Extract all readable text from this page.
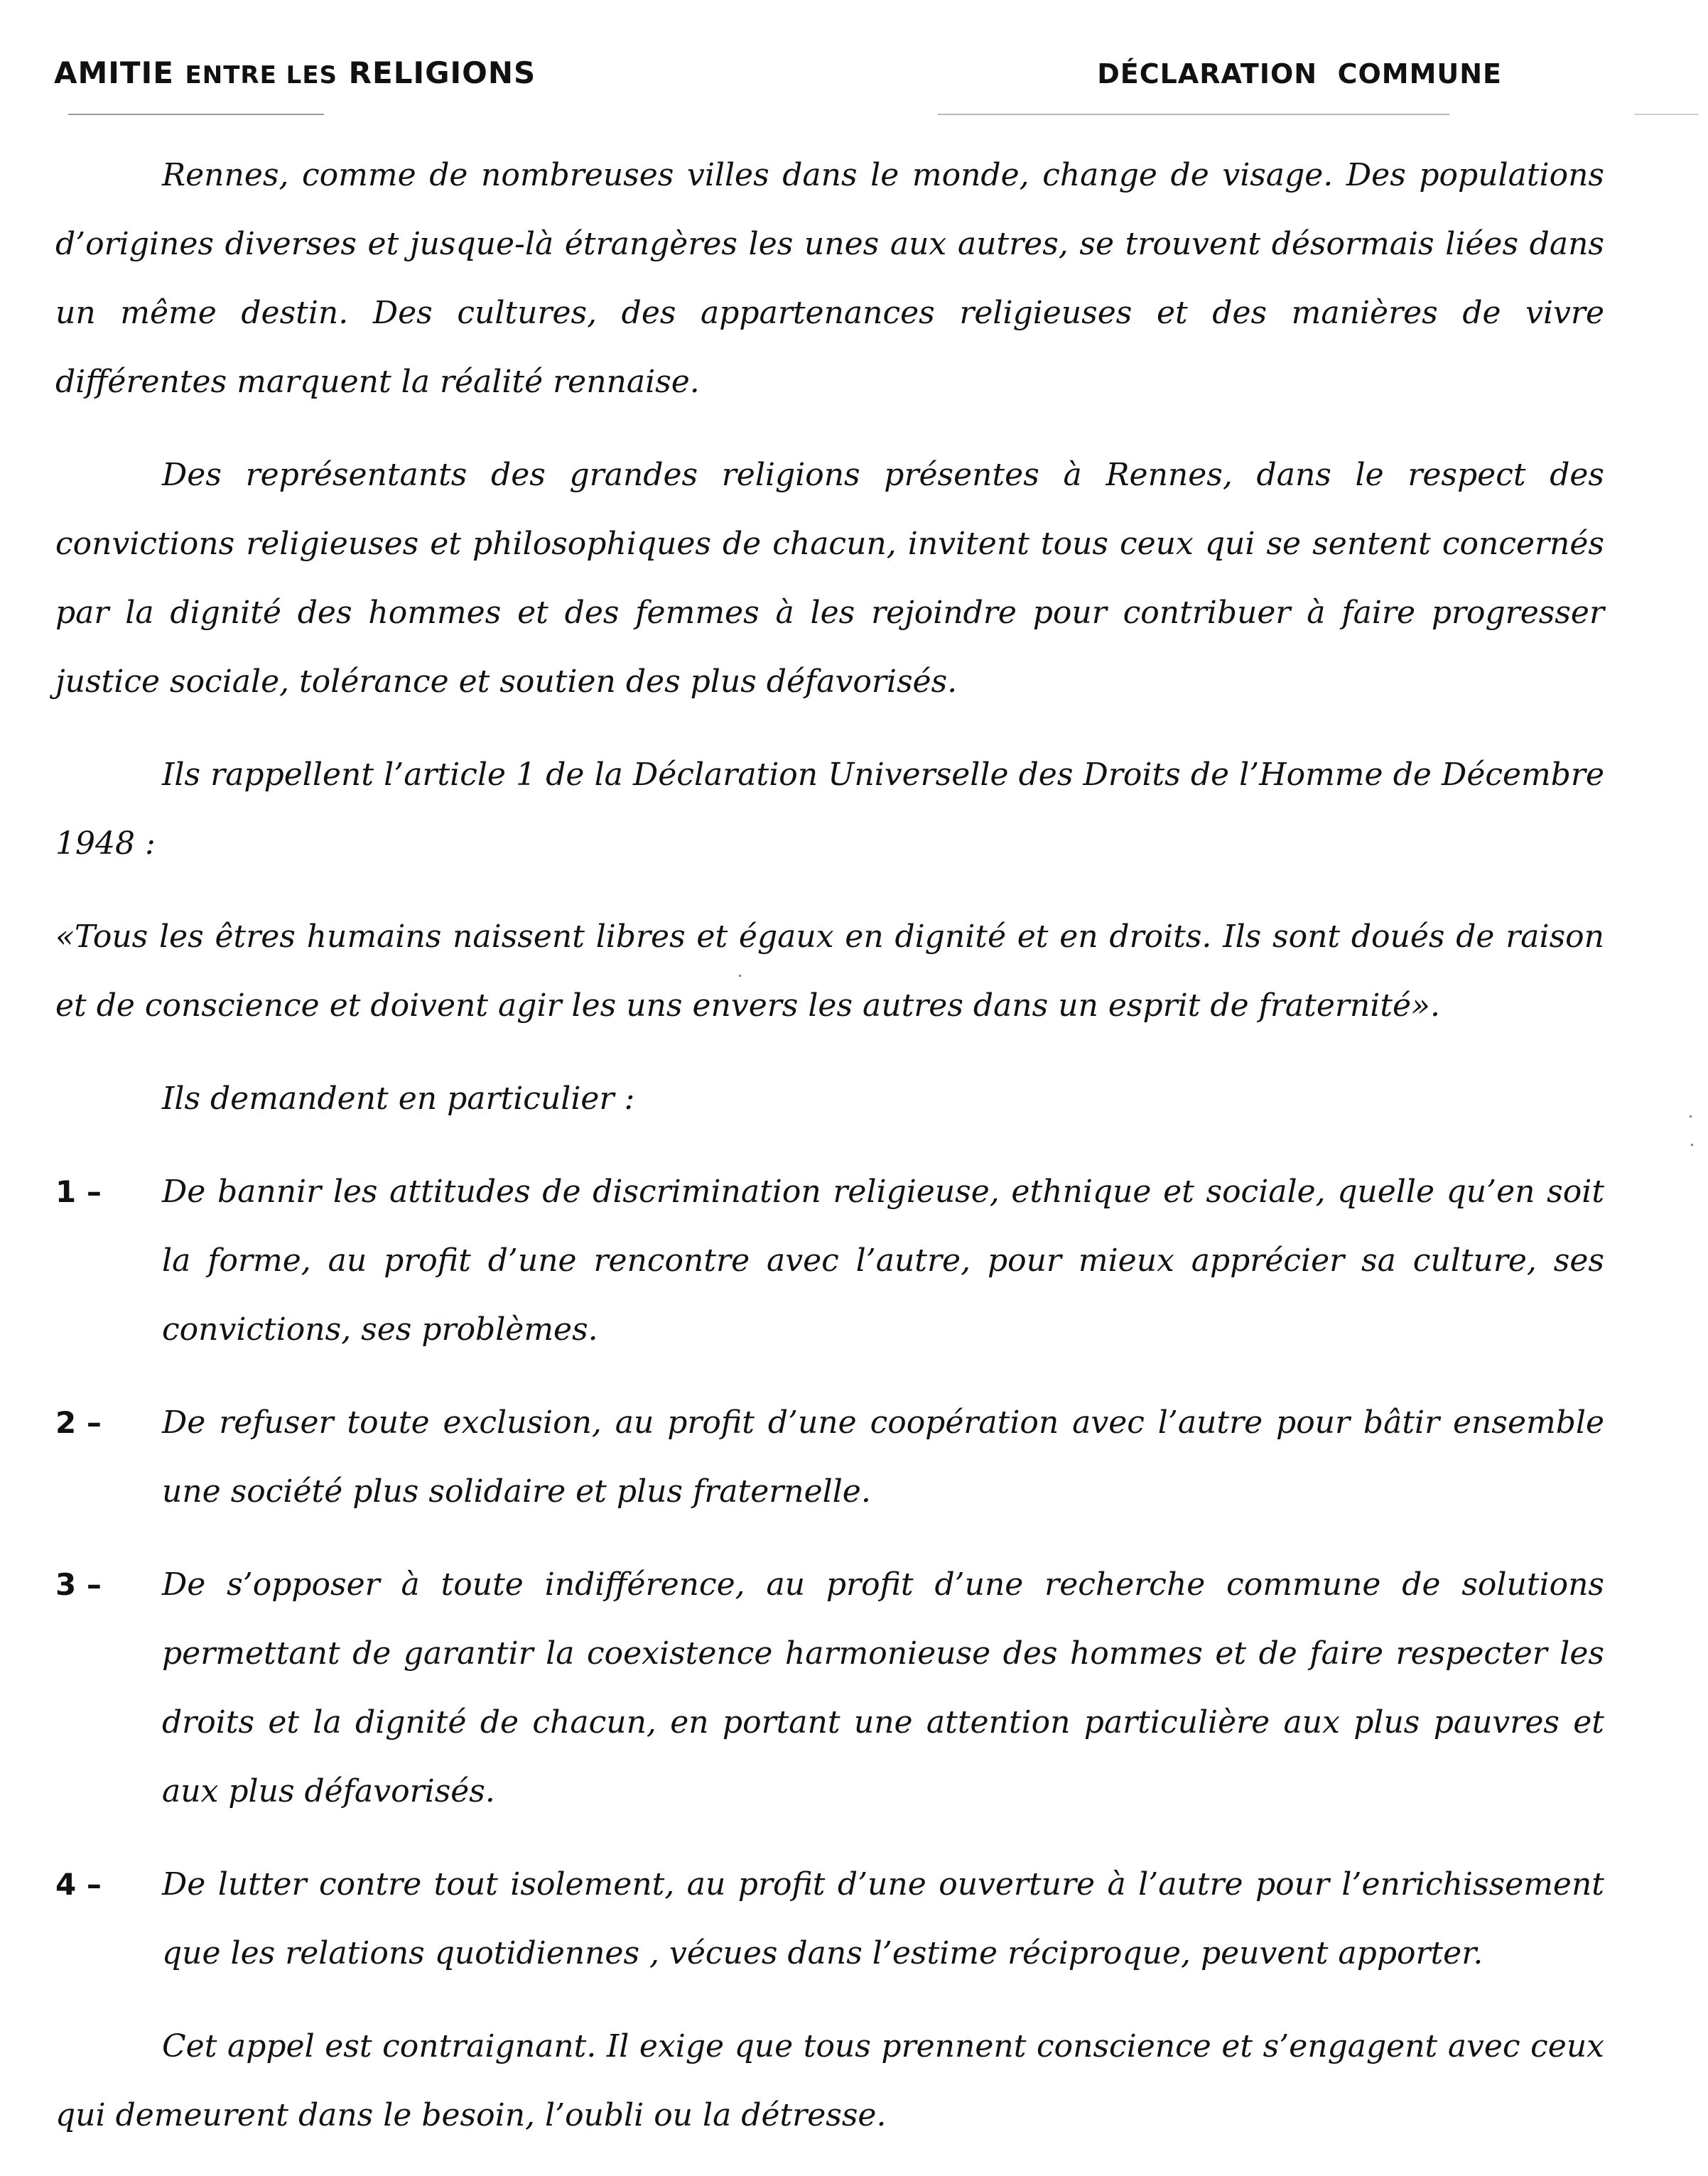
AMITIE ENTRE LES RELIGIONS	DÉCLARATION COMMUNE

Rennes, comme de nombreuses villes dans le monde, change de visage. Des populations d’origines diverses et jusque-là étrangères les unes aux autres, se trouvent désormais liées dans un même destin. Des cultures, des appartenances religieuses et des manières de vivre différentes marquent la réalité rennaise.

Des représentants des grandes religions présentes à Rennes, dans le respect des convictions religieuses et philosophiques de chacun, invitent tous ceux qui se sentent concernés par la dignité des hommes et des femmes à les rejoindre pour contribuer à faire progresser justice sociale, tolérance et soutien des plus défavorisés.

Ils rappellent l’article 1 de la Déclaration Universelle des Droits de l’Homme de Décembre 1948 :

«Tous les êtres humains naissent libres et égaux en dignité et en droits. Ils sont doués de raison et de conscience et doivent agir les uns envers les autres dans un esprit de fraternité».

Ils demandent en particulier :

1 – De bannir les attitudes de discrimination religieuse, ethnique et sociale, quelle qu’en soit la forme, au profit d’une rencontre avec l’autre, pour mieux apprécier sa culture, ses convictions, ses problèmes.
2 – De refuser toute exclusion, au profit d’une coopération avec l’autre pour bâtir ensemble une société plus solidaire et plus fraternelle.
3 – De s’opposer à toute indifférence, au profit d’une recherche commune de solutions permettant de garantir la coexistence harmonieuse des hommes et de faire respecter les droits et la dignité de chacun, en portant une attention particulière aux plus pauvres et aux plus défavorisés.
4 – De lutter contre tout isolement, au profit d’une ouverture à l’autre pour l’enrichissement que les relations quotidiennes , vécues dans l’estime réciproque, peuvent apporter.

Cet appel est contraignant. Il exige que tous prennent conscience et s’engagent avec ceux qui demeurent dans le besoin, l’oubli ou la détresse.
